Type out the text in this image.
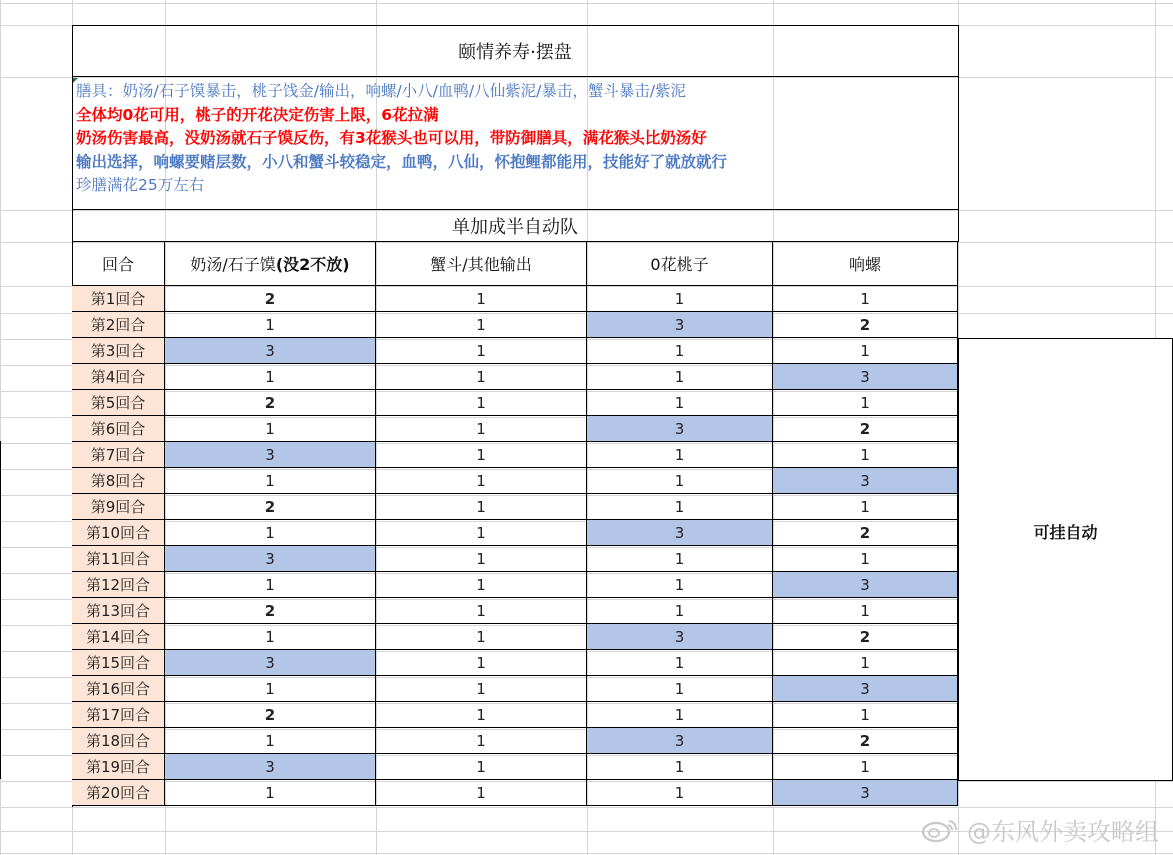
颐情养寿·摆盘
膳具：奶汤/石子馍暴击，桃子饯金/输出，响螺/小八/血鸭/八仙紫泥/暴击，蟹斗暴击/紫泥
全体均0花可用，桃子的开花决定伤害上限，6花拉满
奶汤伤害最高，没奶汤就石子馍反伤，有3花猴头也可以用，带防御膳具，满花猴头比奶汤好
输出选择，响螺要赌层数，小八和蟹斗较稳定，血鸭，八仙，怀抱鲤都能用，技能好了就放就行
珍膳满花25万左右
单加成半自动队
回合	奶汤/石子馍 (没2不放)	蟹斗/其他输出	0花桃子	响螺
第1回合	2	1	1	1
第2回合	1	1	3	2
第3回合	3	1	1	1
第4回合	1	1	1	3
第5回合	2	1	1	1
第6回合	1	1	3	2
第7回合	3	1	1	1
第8回合	1	1	1	3
第9回合	2	1	1	1
第10回合	1	1	3	2
第11回合	3	1	1	1
第12回合	1	1	1	3
第13回合	2	1	1	1
第14回合	1	1	3	2
第15回合	3	1	1	1
第16回合	1	1	1	3
第17回合	2	1	1	1
第18回合	1	1	3	2
第19回合	3	1	1	1
第20回合	1	1	1	3
可挂自动
@东风外卖攻略组
